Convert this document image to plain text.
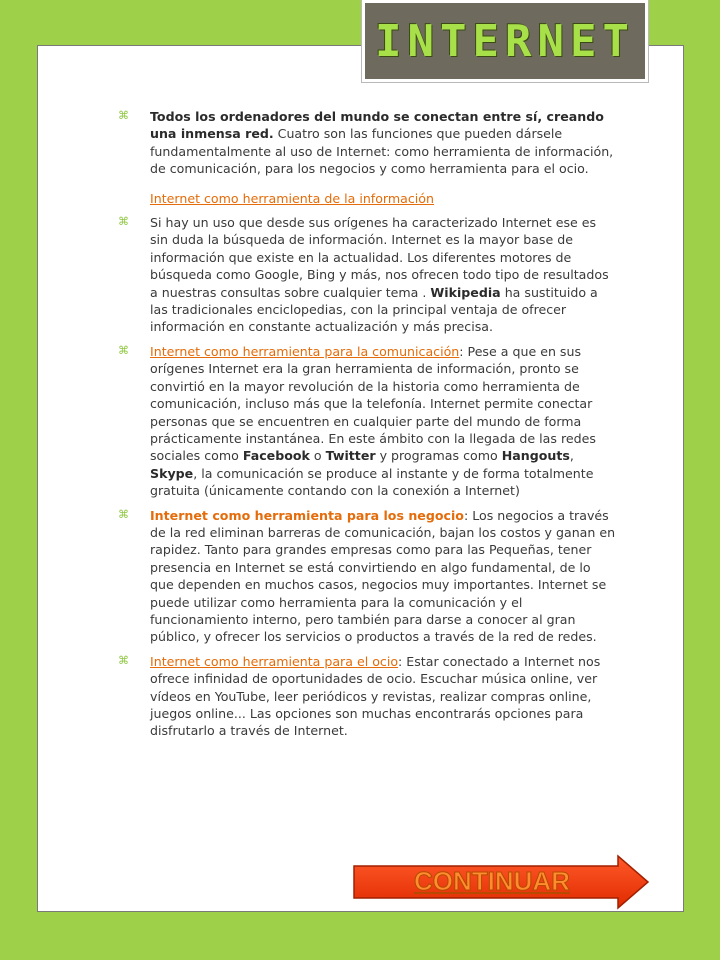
INTERNET
⌘ Todos los ordenadores del mundo se conectan entre sí, creando una inmensa red. Cuatro son las funciones que pueden dársele fundamentalmente al uso de Internet: como herramienta de información, de comunicación, para los negocios y como herramienta para el ocio.
Internet como herramienta de la información
⌘ Si hay un uso que desde sus orígenes ha caracterizado Internet ese es sin duda la búsqueda de información. Internet es la mayor base de información que existe en la actualidad. Los diferentes motores de búsqueda como Google, Bing y más, nos ofrecen todo tipo de resultados a nuestras consultas sobre cualquier tema . Wikipedia ha sustituido a las tradicionales enciclopedias, con la principal ventaja de ofrecer información en constante actualización y más precisa.
⌘ Internet como herramienta para la comunicación: Pese a que en sus orígenes Internet era la gran herramienta de información, pronto se convirtió en la mayor revolución de la historia como herramienta de comunicación, incluso más que la telefonía. Internet permite conectar personas que se encuentren en cualquier parte del mundo de forma prácticamente instantánea. En este ámbito con la llegada de las redes sociales como Facebook o Twitter y programas como Hangouts, Skype, la comunicación se produce al instante y de forma totalmente gratuita (únicamente contando con la conexión a Internet)
⌘ Internet como herramienta para los negocio: Los negocios a través de la red eliminan barreras de comunicación, bajan los costos y ganan en rapidez. Tanto para grandes empresas como para las Pequeñas, tener presencia en Internet se está convirtiendo en algo fundamental, de lo que dependen en muchos casos, negocios muy importantes. Internet se puede utilizar como herramienta para la comunicación y el funcionamiento interno, pero también para darse a conocer al gran público, y ofrecer los servicios o productos a través de la red de redes.
⌘ Internet como herramienta para el ocio: Estar conectado a Internet nos ofrece infinidad de oportunidades de ocio. Escuchar música online, ver vídeos en YouTube, leer periódicos y revistas, realizar compras online, juegos online... Las opciones son muchas encontrarás opciones para disfrutarlo a través de Internet.
CONTINUAR
